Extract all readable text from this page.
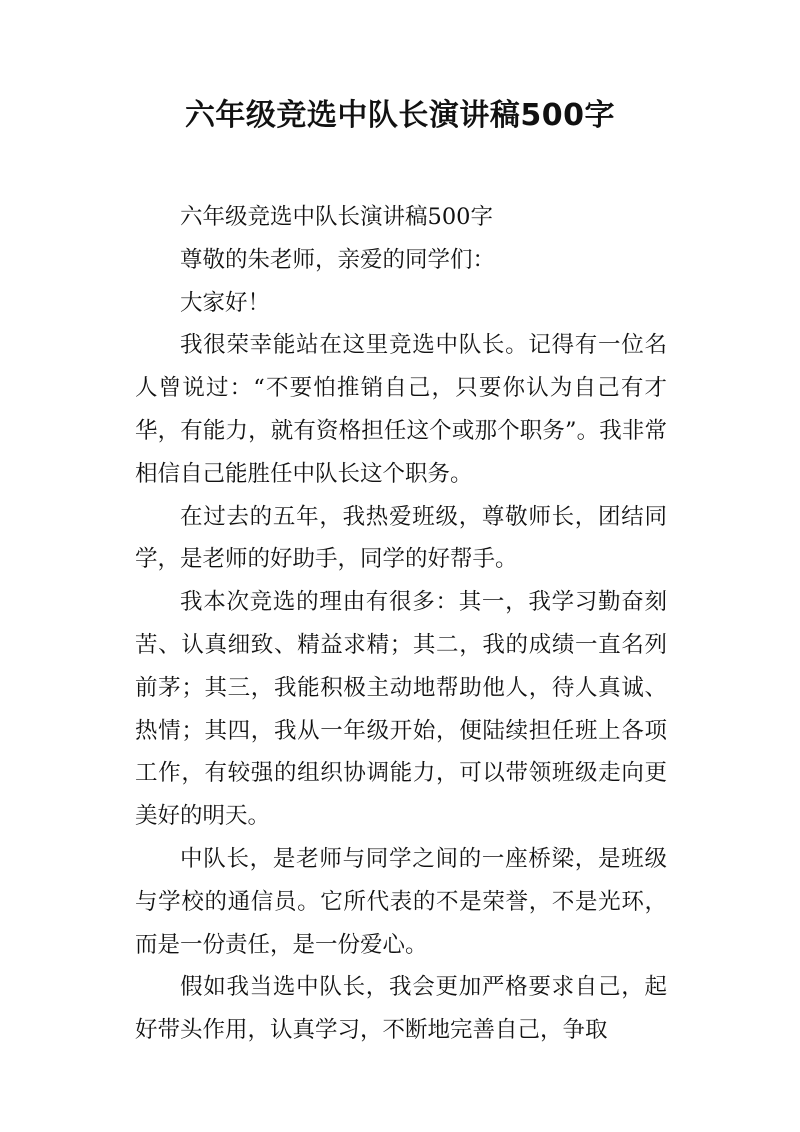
六年级竞选中队长演讲稿500字

六年级竞选中队长演讲稿500字

尊敬的朱老师，亲爱的同学们：

大家好！

我很荣幸能站在这里竞选中队长。记得有一位名人曾说过：“不要怕推销自己，只要你认为自己有才华，有能力，就有资格担任这个或那个职务”。我非常相信自己能胜任中队长这个职务。

在过去的五年，我热爱班级，尊敬师长，团结同学，是老师的好助手，同学的好帮手。

我本次竞选的理由有很多：其一，我学习勤奋刻苦、认真细致、精益求精；其二，我的成绩一直名列前茅；其三，我能积极主动地帮助他人，待人真诚、热情；其四，我从一年级开始，便陆续担任班上各项工作，有较强的组织协调能力，可以带领班级走向更美好的明天。

中队长，是老师与同学之间的一座桥梁，是班级与学校的通信员。它所代表的不是荣誉，不是光环，而是一份责任，是一份爱心。

假如我当选中队长，我会更加严格要求自己，起好带头作用，认真学习，不断地完善自己，争取
